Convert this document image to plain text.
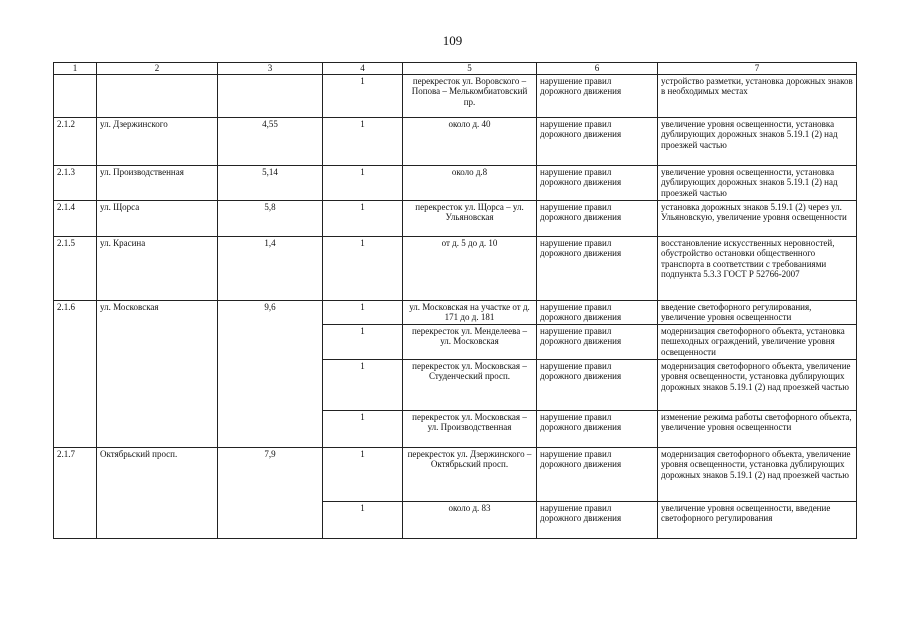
109
1	2	3	4	5	6	7
			1	перекресток ул. Воровского – Попова – Мелькомбиатовский пр.	нарушение правил дорожного движения	устройство разметки, установка дорожных знаков в необходимых местах
2.1.2	ул. Дзержинского	4,55	1	около д. 40	нарушение правил дорожного движения	увеличение уровня освещенности, установка дублирующих дорожных знаков 5.19.1 (2) над проезжей частью
2.1.3	ул. Производственная	5,14	1	около д.8	нарушение правил дорожного движения	увеличение уровня освещенности, установка дублирующих дорожных знаков 5.19.1 (2) над проезжей частью
2.1.4	ул. Щорса	5,8	1	перекресток ул. Щорса – ул. Ульяновская	нарушение правил дорожного движения	установка дорожных знаков 5.19.1 (2) через ул. Ульяновскую, увеличение уровня освещенности
2.1.5	ул. Красина	1,4	1	от д. 5 до д. 10	нарушение правил дорожного движения	восстановление искусственных неровностей, обустройство остановки общественного транспорта в соответствии с требованиями подпункта 5.3.3 ГОСТ Р 52766-2007
2.1.6	ул. Московская	9,6	1	ул. Московская на участке от д. 171 до д. 181	нарушение правил дорожного движения	введение светофорного регулирования, увеличение уровня освещенности
			1	перекресток ул. Менделеева – ул. Московская	нарушение правил дорожного движения	модернизация светофорного объекта, установка пешеходных ограждений, увеличение уровня освещенности
			1	перекресток ул. Московская – Студенческий просп.	нарушение правил дорожного движения	модернизация светофорного объекта, увеличение уровня освещенности, установка дублирующих дорожных знаков 5.19.1 (2) над проезжей частью
			1	перекресток ул. Московская – ул. Производственная	нарушение правил дорожного движения	изменение режима работы светофорного объекта, увеличение уровня освещенности
2.1.7	Октябрьский просп.	7,9	1	перекресток ул. Дзержинского – Октябрьский просп.	нарушение правил дорожного движения	модернизация светофорного объекта, увеличение уровня освещенности, установка дублирующих дорожных знаков 5.19.1 (2) над проезжей частью
			1	около д. 83	нарушение правил дорожного движения	увеличение уровня освещенности, введение светофорного регулирования
